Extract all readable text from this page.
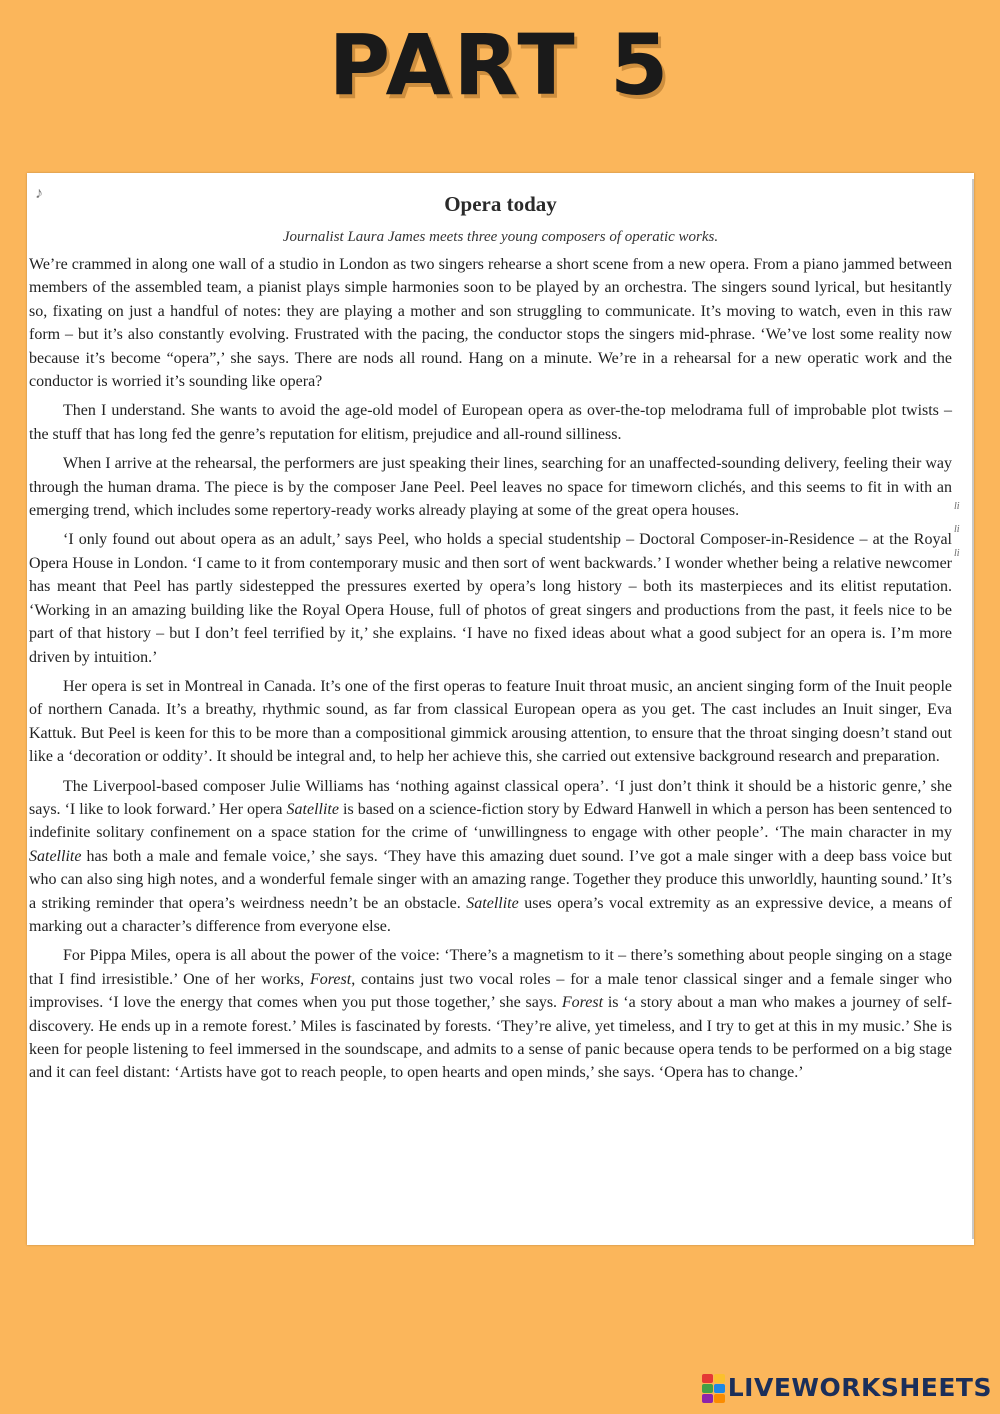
PART 5
♪	Opera today
Journalist Laura James meets three young composers of operatic works.

We’re crammed in along one wall of a studio in London as two singers rehearse a short scene from a new opera. From a piano jammed between members of the assembled team, a pianist plays simple harmonies soon to be played by an orchestra. The singers sound lyrical, but hesitantly so, fixating on just a handful of notes: they are playing a mother and son struggling to communicate. It’s moving to watch, even in this raw form – but it’s also constantly evolving. Frustrated with the pacing, the conductor stops the singers mid-phrase. ‘We’ve lost some reality now because it’s become “opera”,’ she says. There are nods all round. Hang on a minute. We’re in a rehearsal for a new operatic work and the conductor is worried it’s sounding like opera?

Then I understand. She wants to avoid the age-old model of European opera as over-the-top melodrama full of improbable plot twists – the stuff that has long fed the genre’s reputation for elitism, prejudice and all-round silliness.

When I arrive at the rehearsal, the performers are just speaking their lines, searching for an unaffected-sounding delivery, feeling their way through the human drama. The piece is by the composer Jane Peel. Peel leaves no space for timeworn clichés, and this seems to fit in with an emerging trend, which includes some repertory-ready works already playing at some of the great opera houses.

‘I only found out about opera as an adult,’ says Peel, who holds a special studentship – Doctoral Composer-in-Residence – at the Royal Opera House in London. ‘I came to it from contemporary music and then sort of went backwards.’ I wonder whether being a relative newcomer has meant that Peel has partly sidestepped the pressures exerted by opera’s long history – both its masterpieces and its elitist reputation. ‘Working in an amazing building like the Royal Opera House, full of photos of great singers and productions from the past, it feels nice to be part of that history – but I don’t feel terrified by it,’ she explains. ‘I have no fixed ideas about what a good subject for an opera is. I’m more driven by intuition.’

Her opera is set in Montreal in Canada. It’s one of the first operas to feature Inuit throat music, an ancient singing form of the Inuit people of northern Canada. It’s a breathy, rhythmic sound, as far from classical European opera as you get. The cast includes an Inuit singer, Eva Kattuk. But Peel is keen for this to be more than a compositional gimmick arousing attention, to ensure that the throat singing doesn’t stand out like a ‘decoration or oddity’. It should be integral and, to help her achieve this, she carried out extensive background research and preparation.

The Liverpool-based composer Julie Williams has ‘nothing against classical opera’. ‘I just don’t think it should be a historic genre,’ she says. ‘I like to look forward.’ Her opera Satellite is based on a science-fiction story by Edward Hanwell in which a person has been sentenced to indefinite solitary confinement on a space station for the crime of ‘unwillingness to engage with other people’. ‘The main character in my Satellite has both a male and female voice,’ she says. ‘They have this amazing duet sound. I’ve got a male singer with a deep bass voice but who can also sing high notes, and a wonderful female singer with an amazing range. Together they produce this unworldly, haunting sound.’ It’s a striking reminder that opera’s weirdness needn’t be an obstacle. Satellite uses opera’s vocal extremity as an expressive device, a means of marking out a character’s difference from everyone else.

For Pippa Miles, opera is all about the power of the voice: ‘There’s a magnetism to it – there’s something about people singing on a stage that I find irresistible.’ One of her works, Forest, contains just two vocal roles – for a male tenor classical singer and a female singer who improvises. ‘I love the energy that comes when you put those together,’ she says. Forest is ‘a story about a man who makes a journey of self-discovery. He ends up in a remote forest.’ Miles is fascinated by forests. ‘They’re alive, yet timeless, and I try to get at this in my music.’ She is keen for people listening to feel immersed in the soundscape, and admits to a sense of panic because opera tends to be performed on a big stage and it can feel distant: ‘Artists have got to reach people, to open hearts and open minds,’ she says. ‘Opera has to change.’

li
li
li
LIVEWORKSHEETS
